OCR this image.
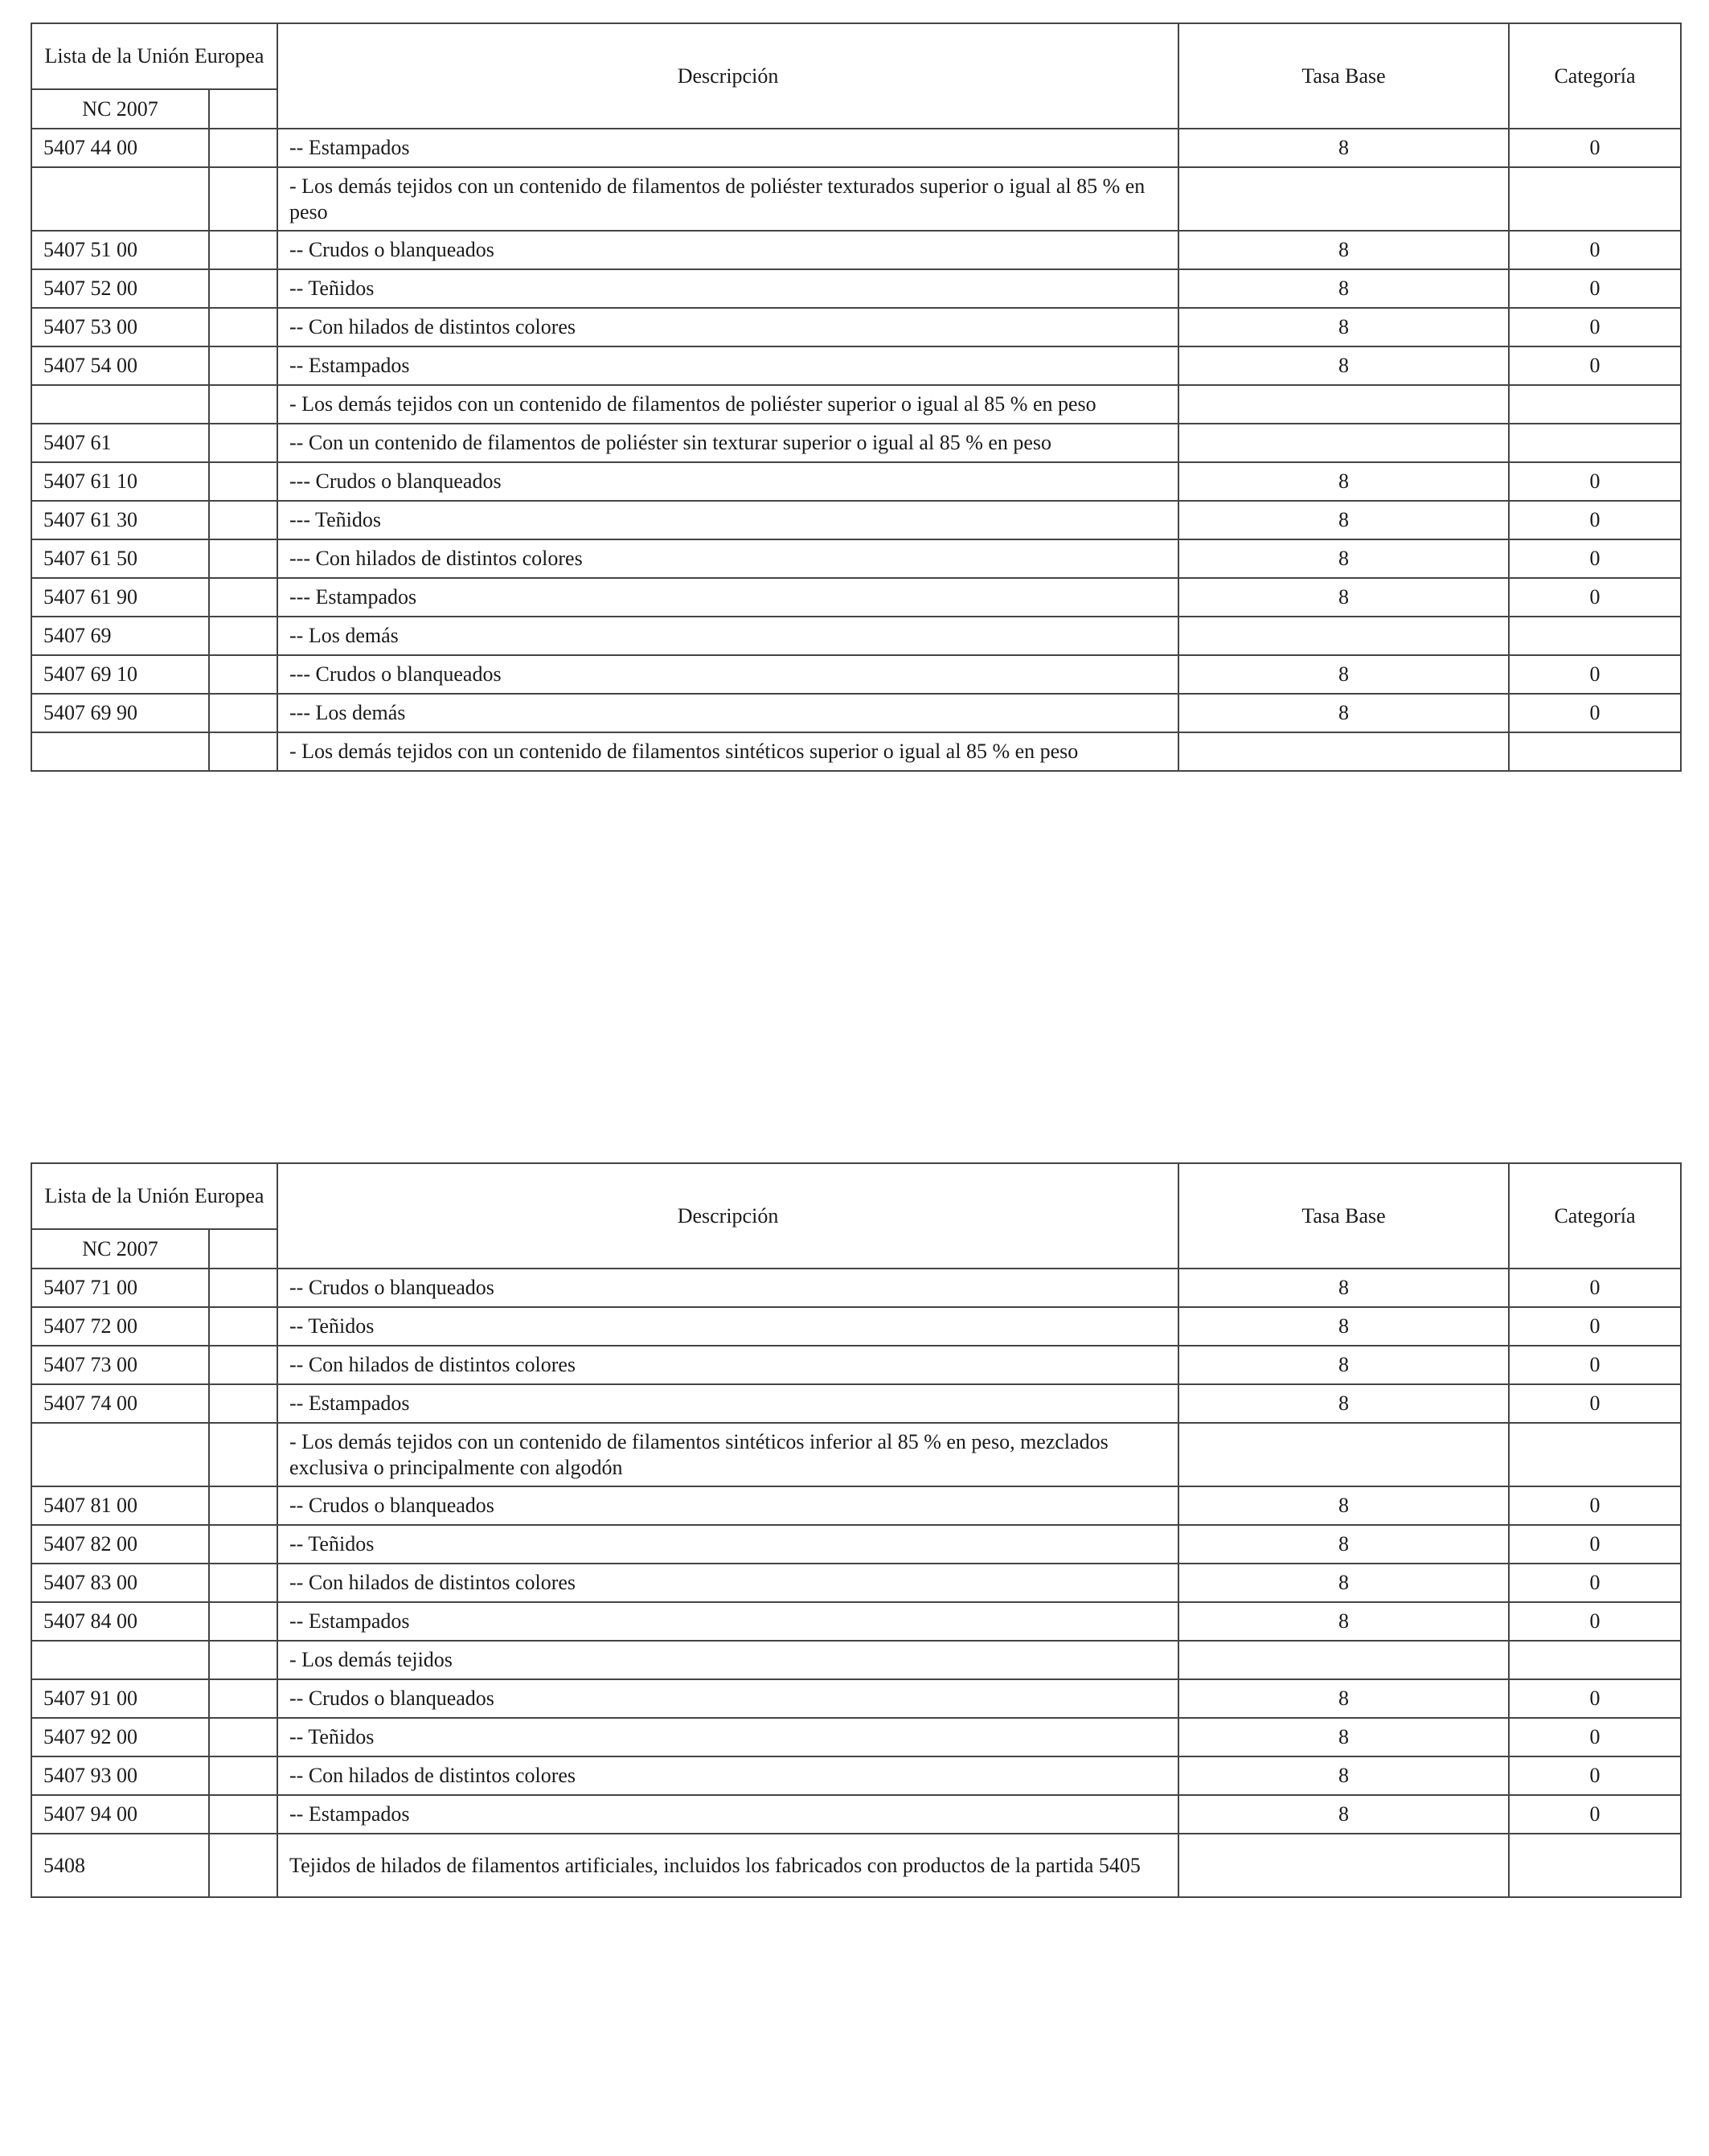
Lista de la Unión Europea		Descripción	Tasa Base	Categoría
NC 2007				
5407 44 00		-- Estampados	8	0
		- Los demás tejidos con un contenido de filamentos de poliéster texturados superior o igual al 85 % en peso		
5407 51 00		-- Crudos o blanqueados	8	0
5407 52 00		-- Teñidos	8	0
5407 53 00		-- Con hilados de distintos colores	8	0
5407 54 00		-- Estampados	8	0
		- Los demás tejidos con un contenido de filamentos de poliéster superior o igual al 85 % en peso		
5407 61		-- Con un contenido de filamentos de poliéster sin texturar superior o igual al 85 % en peso		
5407 61 10		--- Crudos o blanqueados	8	0
5407 61 30		--- Teñidos	8	0
5407 61 50		--- Con hilados de distintos colores	8	0
5407 61 90		--- Estampados	8	0
5407 69		-- Los demás		
5407 69 10		--- Crudos o blanqueados	8	0
5407 69 90		--- Los demás	8	0
		- Los demás tejidos con un contenido de filamentos sintéticos superior o igual al 85 % en peso		
Lista de la Unión Europea		Descripción	Tasa Base	Categoría
NC 2007				
5407 71 00		-- Crudos o blanqueados	8	0
5407 72 00		-- Teñidos	8	0
5407 73 00		-- Con hilados de distintos colores	8	0
5407 74 00		-- Estampados	8	0
		- Los demás tejidos con un contenido de filamentos sintéticos inferior al 85 % en peso, mezclados exclusiva o principalmente con algodón		
5407 81 00		-- Crudos o blanqueados	8	0
5407 82 00		-- Teñidos	8	0
5407 83 00		-- Con hilados de distintos colores	8	0
5407 84 00		-- Estampados	8	0
		- Los demás tejidos		
5407 91 00		-- Crudos o blanqueados	8	0
5407 92 00		-- Teñidos	8	0
5407 93 00		-- Con hilados de distintos colores	8	0
5407 94 00		-- Estampados	8	0
5408		Tejidos de hilados de filamentos artificiales, incluidos los fabricados con productos de la partida 5405		
